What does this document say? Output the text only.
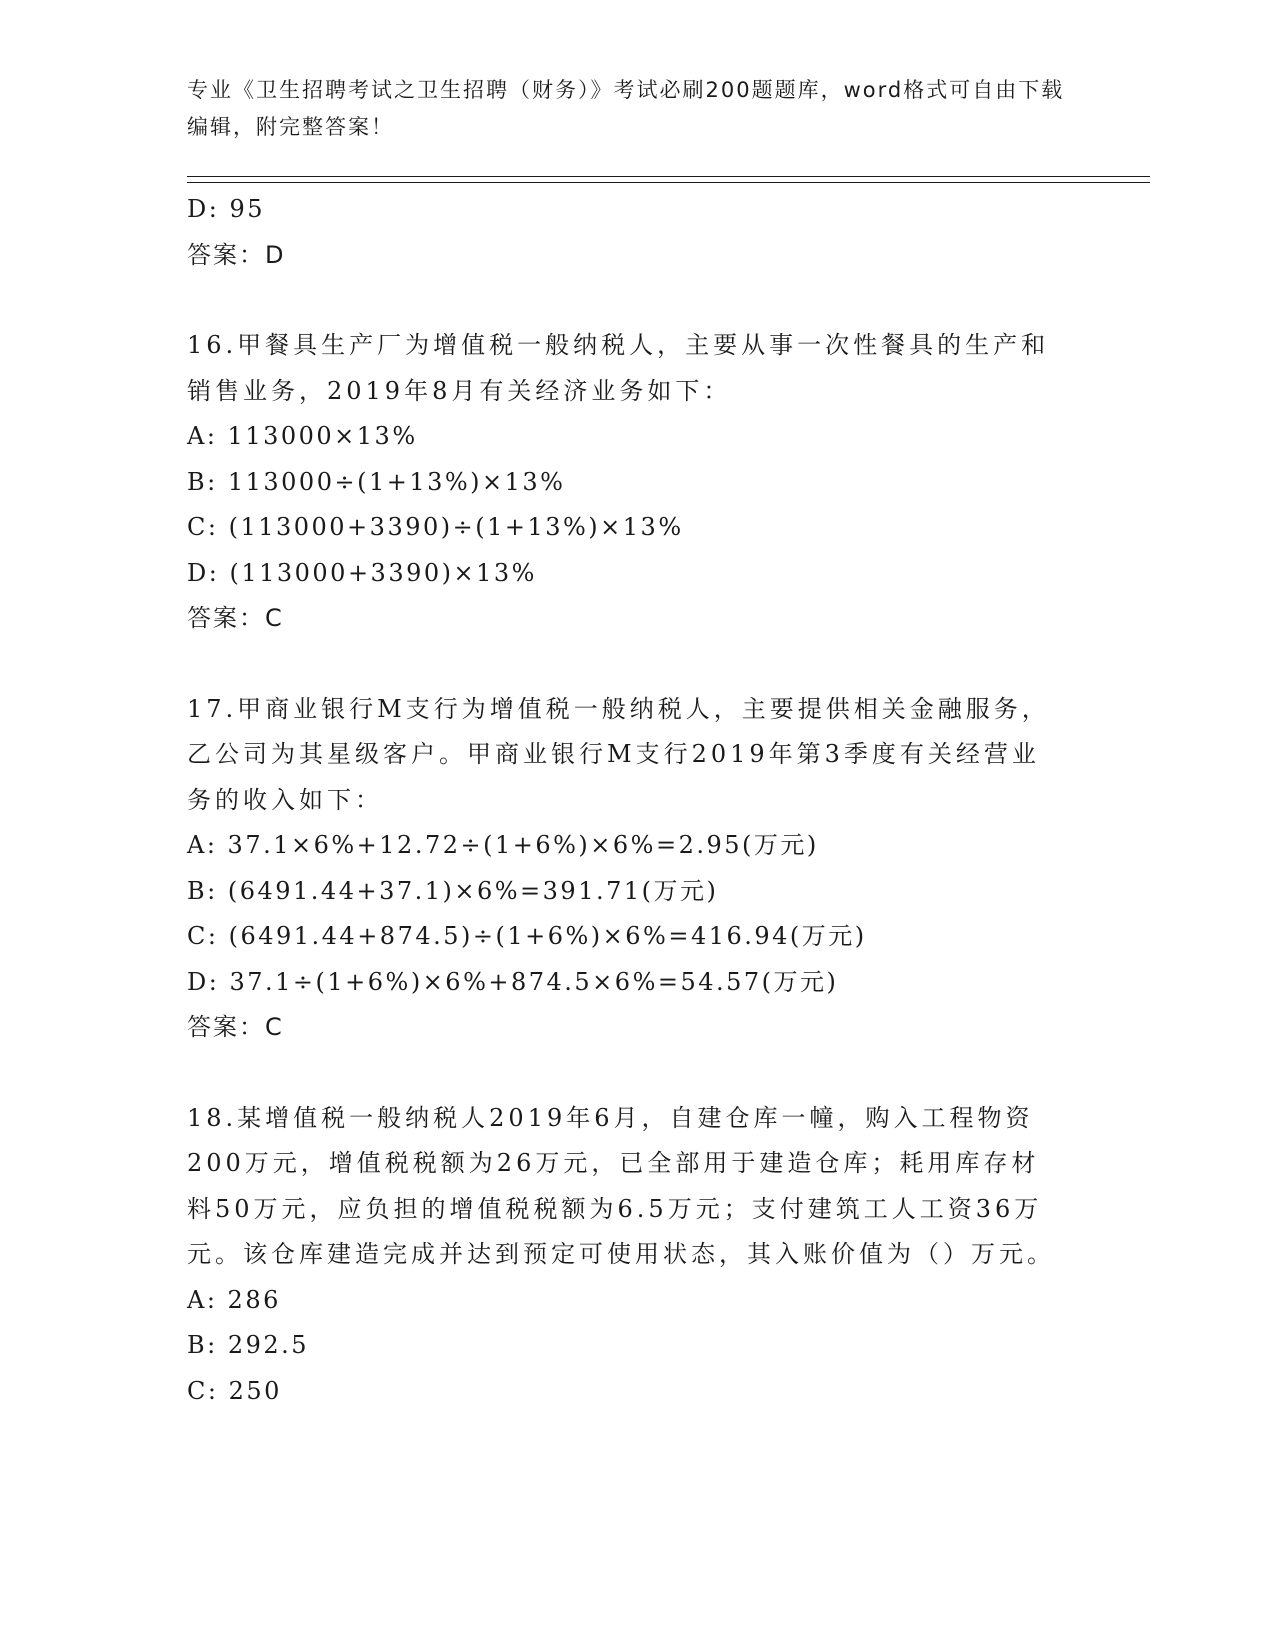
专业《卫生招聘考试之卫生招聘（财务）》考试必刷200题题库，word格式可自由下载编辑，附完整答案！
D: 95
答案：D
16.甲餐具生产厂为增值税一般纳税人，主要从事一次性餐具的生产和销售业务，2019年8月有关经济业务如下：
A: 113000×13%
B: 113000÷(1+13%)×13%
C: (113000+3390)÷(1+13%)×13%
D: (113000+3390)×13%
答案：C
17.甲商业银行M支行为增值税一般纳税人，主要提供相关金融服务，乙公司为其星级客户。甲商业银行M支行2019年第3季度有关经营业务的收入如下：
A: 37.1×6%+12.72÷(1+6%)×6%=2.95(万元)
B: (6491.44+37.1)×6%=391.71(万元)
C: (6491.44+874.5)÷(1+6%)×6%=416.94(万元)
D: 37.1÷(1+6%)×6%+874.5×6%=54.57(万元)
答案：C
18.某增值税一般纳税人2019年6月，自建仓库一幢，购入工程物资200万元，增值税税额为26万元，已全部用于建造仓库；耗用库存材料50万元，应负担的增值税税额为6.5万元；支付建筑工人工资36万元。该仓库建造完成并达到预定可使用状态，其入账价值为（）万元。
A: 286
B: 292.5
C: 250
